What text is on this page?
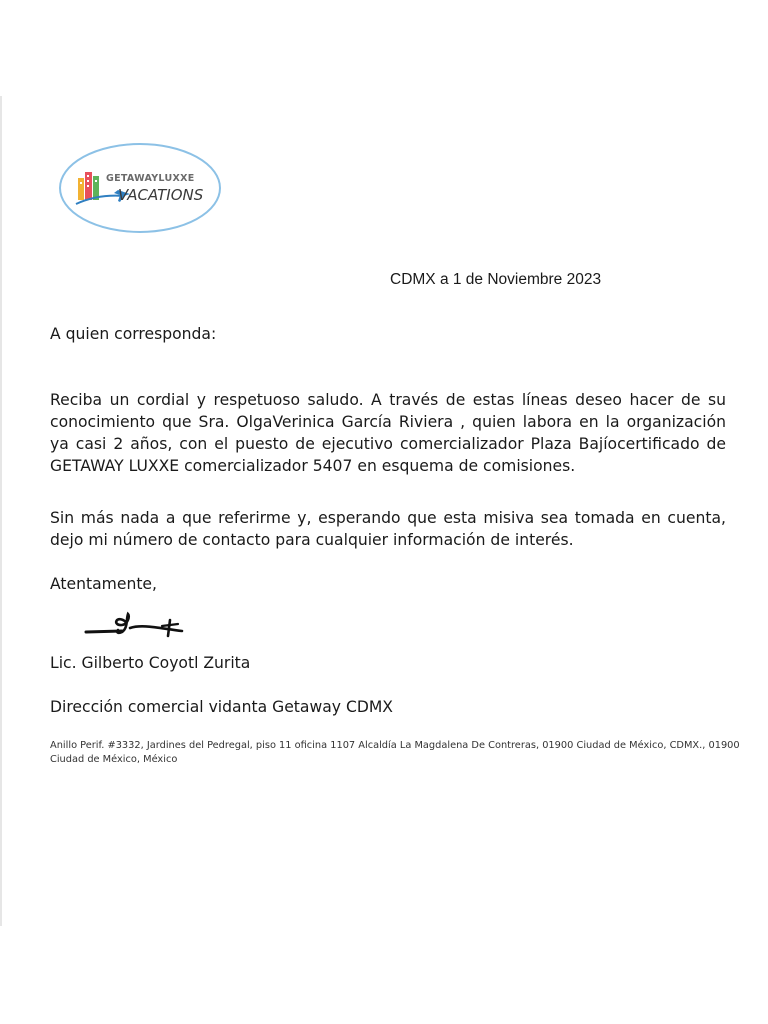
GETAWAYLUXXE
VACATIONS
CDMX a 1 de Noviembre 2023
A quien corresponda:
Reciba un cordial y respetuoso saludo. A través de estas líneas deseo hacer de su conocimiento que Sra. OlgaVerinica García Riviera , quien labora en la organización ya casi 2 años, con el puesto de ejecutivo comercializador Plaza Bajíocertificado de GETAWAY LUXXE comercializador 5407 en esquema de comisiones.
Sin más nada a que referirme y, esperando que esta misiva sea tomada en cuenta, dejo mi número de contacto para cualquier información de interés.
Atentamente,
Lic. Gilberto Coyotl Zurita
Dirección comercial vidanta Getaway CDMX
Anillo Perif. #3332, Jardines del Pedregal, piso 11 oficina 1107 Alcaldía La Magdalena De Contreras, 01900 Ciudad de México, CDMX., 01900 Ciudad de México, México
